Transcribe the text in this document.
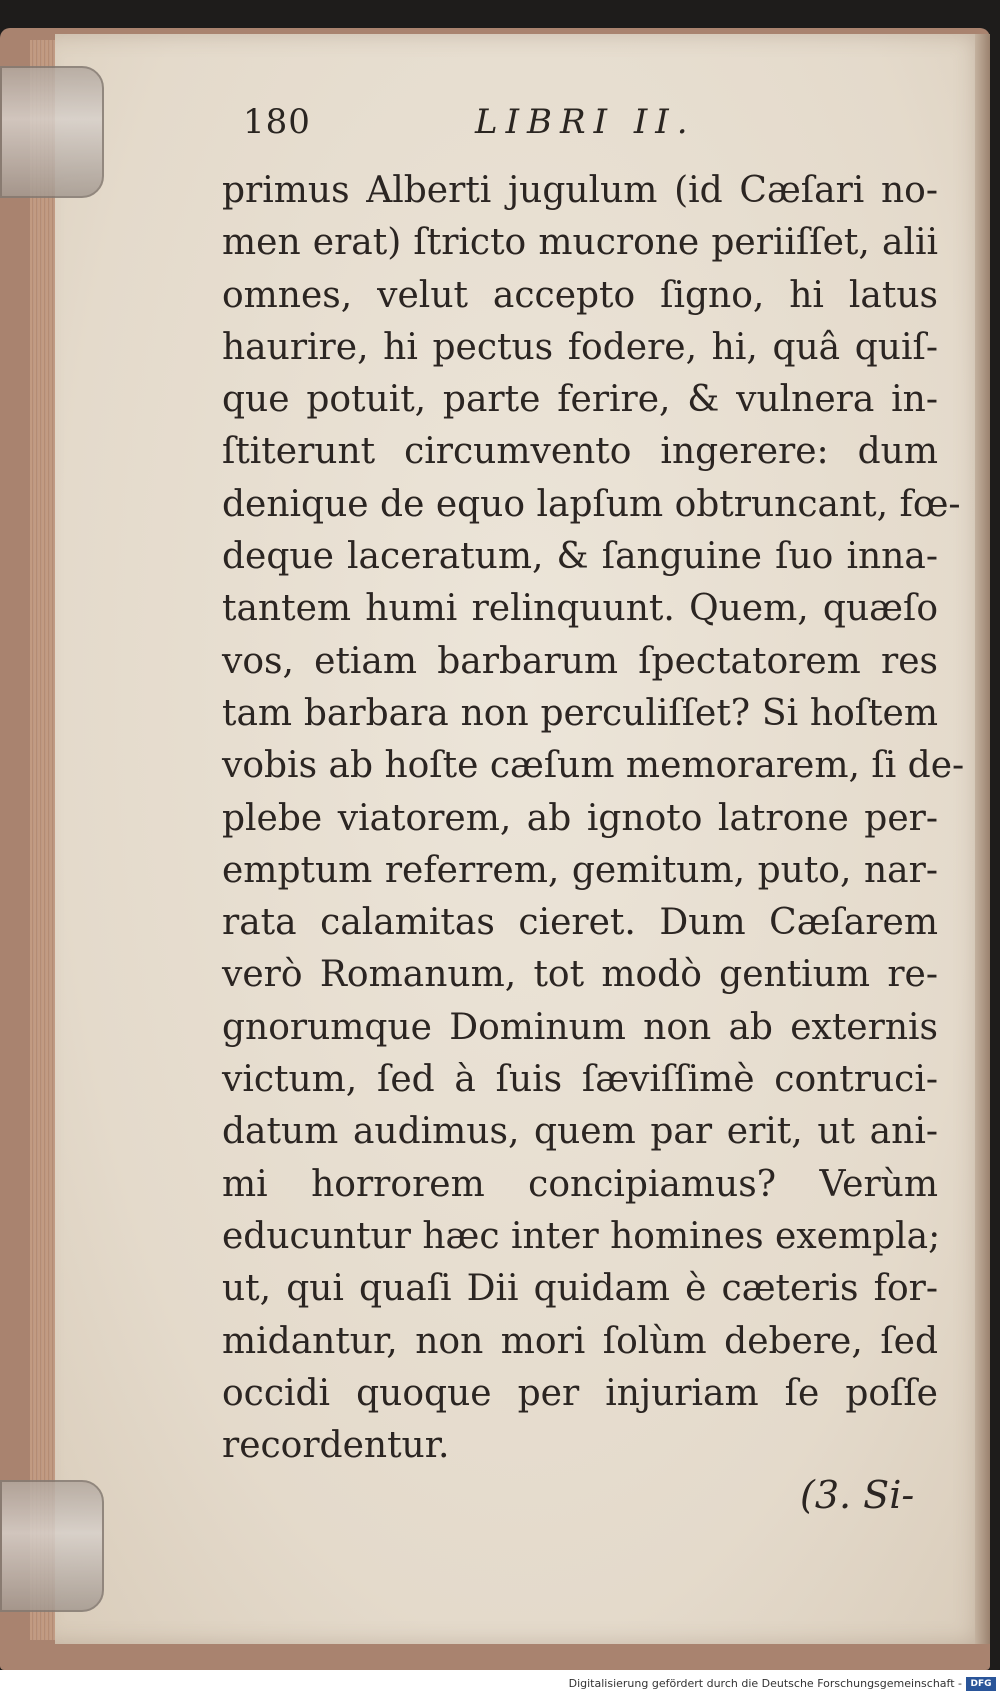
180	LIBRI II.
primus Alberti jugulum (id Cæſari no-
men erat) ſtricto mucrone periiſſet, alii
omnes, velut accepto ſigno, hi latus
haurire, hi pectus fodere, hi, quâ quiſ-
que potuit, parte ferire, & vulnera in-
ſtiterunt circumvento ingerere: dum
denique de equo lapſum obtruncant, fœ-
deque laceratum, & ſanguine ſuo inna-
tantem humi relinquunt. Quem, quæſo
vos, etiam barbarum ſpectatorem res
tam barbara non perculiſſet? Si hoſtem
vobis ab hoſte cæſum memorarem, ſi de-
plebe viatorem, ab ignoto latrone per-
emptum referrem, gemitum, puto, nar-
rata calamitas cieret. Dum Cæſarem
verò Romanum, tot modò gentium re-
gnorumque Dominum non ab externis
victum, ſed à ſuis ſæviſſimè contruci-
datum audimus, quem par erit, ut ani-
mi horrorem concipiamus? Verùm
educuntur hæc inter homines exempla;
ut, qui quaſi Dii quidam è cæteris for-
midantur, non mori ſolùm debere, ſed
occidi quoque per injuriam ſe poſſe
recordentur.
(3. Si-
Digitalisierung gefördert durch die Deutsche Forschungsgemeinschaft - DFG
